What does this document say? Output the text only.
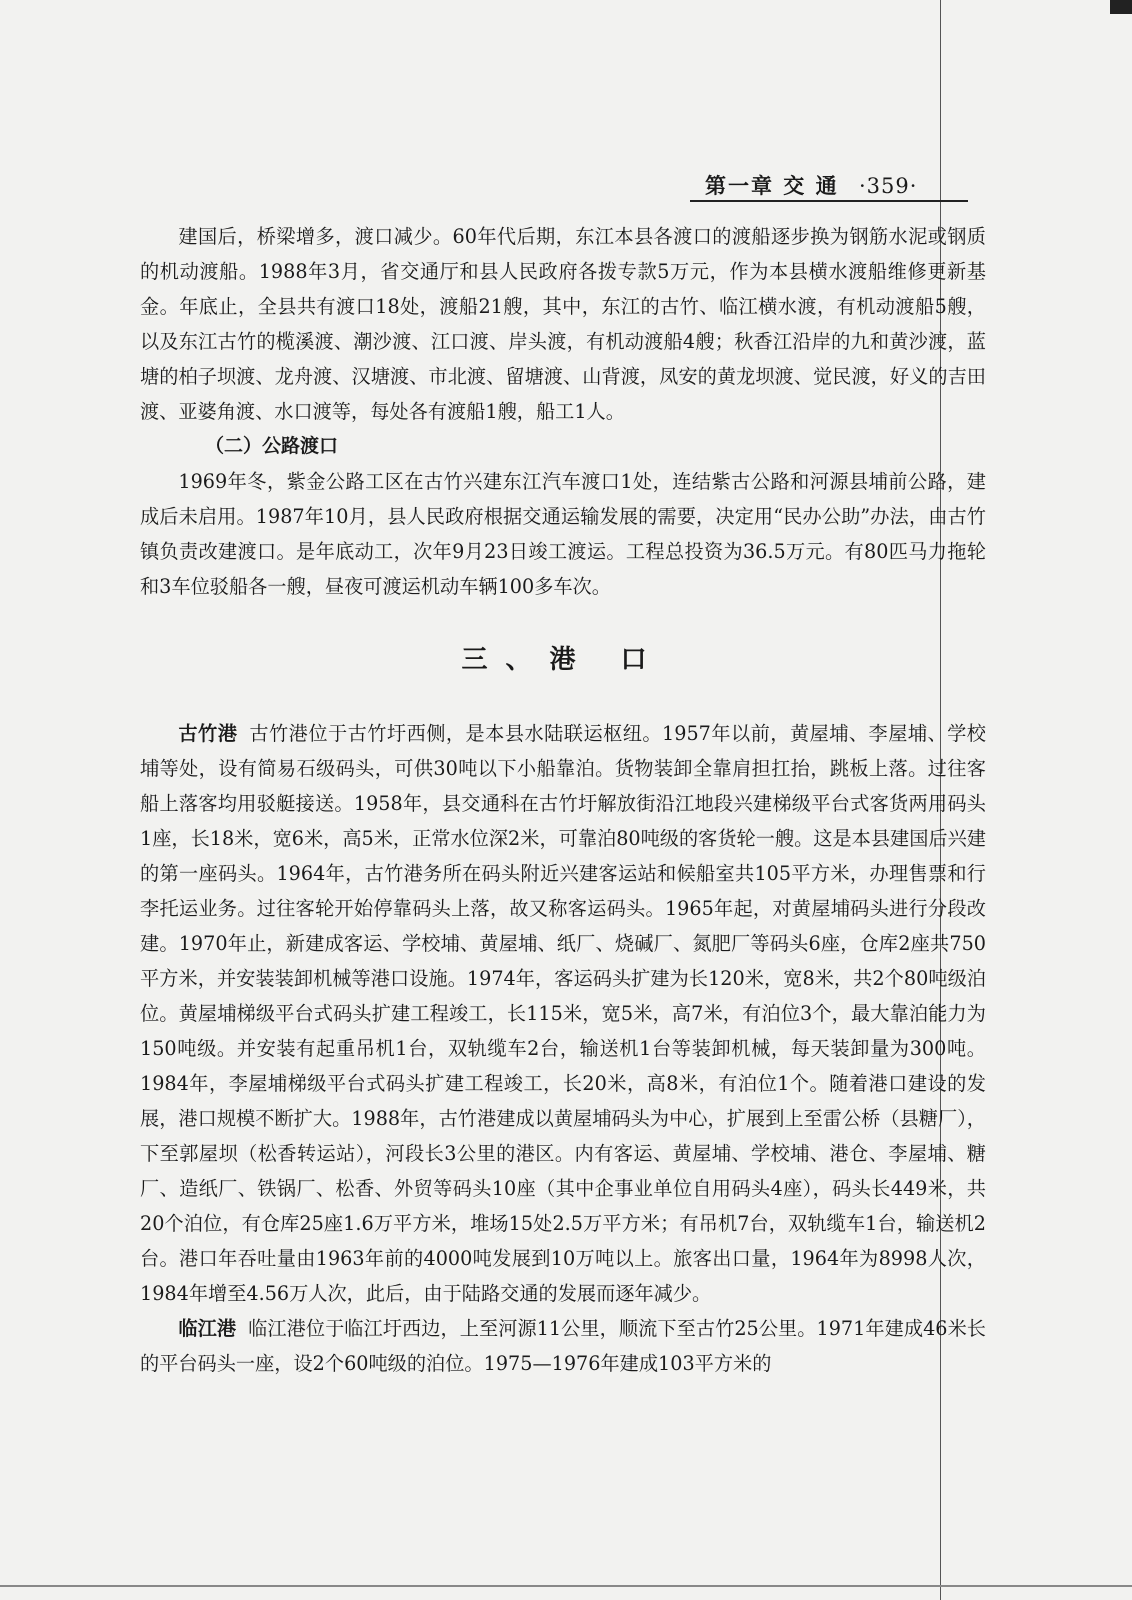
第一章 交 通 ·359·

建国后，桥梁增多，渡口减少。60年代后期，东江本县各渡口的渡船逐步换为钢筋水泥或钢质的机动渡船。1988年3月，省交通厅和县人民政府各拨专款5万元，作为本县横水渡船维修更新基金。年底止，全县共有渡口18处，渡船21艘，其中，东江的古竹、临江横水渡，有机动渡船5艘，以及东江古竹的榄溪渡、潮沙渡、江口渡、岸头渡，有机动渡船4艘；秋香江沿岸的九和黄沙渡，蓝塘的柏子坝渡、龙舟渡、汉塘渡、市北渡、留塘渡、山背渡，凤安的黄龙坝渡、觉民渡，好义的吉田渡、亚婆角渡、水口渡等，每处各有渡船1艘，船工1人。

（二）公路渡口

1969年冬，紫金公路工区在古竹兴建东江汽车渡口1处，连结紫古公路和河源县埔前公路，建成后未启用。1987年10月，县人民政府根据交通运输发展的需要，决定用“民办公助”办法，由古竹镇负责改建渡口。是年底动工，次年9月23日竣工渡运。工程总投资为36.5万元。有80匹马力拖轮和3车位驳船各一艘，昼夜可渡运机动车辆100多车次。

三、港 口

古竹港 古竹港位于古竹圩西侧，是本县水陆联运枢纽。1957年以前，黄屋埔、李屋埔、学校埔等处，设有简易石级码头，可供30吨以下小船靠泊。货物装卸全靠肩担扛抬，跳板上落。过往客船上落客均用驳艇接送。1958年，县交通科在古竹圩解放街沿江地段兴建梯级平台式客货两用码头1座，长18米，宽6米，高5米，正常水位深2米，可靠泊80吨级的客货轮一艘。这是本县建国后兴建的第一座码头。1964年，古竹港务所在码头附近兴建客运站和候船室共105平方米，办理售票和行李托运业务。过往客轮开始停靠码头上落，故又称客运码头。1965年起，对黄屋埔码头进行分段改建。1970年止，新建成客运、学校埔、黄屋埔、纸厂、烧碱厂、氮肥厂等码头6座，仓库2座共750平方米，并安装装卸机械等港口设施。1974年，客运码头扩建为长120米，宽8米，共2个80吨级泊位。黄屋埔梯级平台式码头扩建工程竣工，长115米，宽5米，高7米，有泊位3个，最大靠泊能力为150吨级。并安装有起重吊机1台，双轨缆车2台，输送机1台等装卸机械，每天装卸量为300吨。1984年，李屋埔梯级平台式码头扩建工程竣工，长20米，高8米，有泊位1个。随着港口建设的发展，港口规模不断扩大。1988年，古竹港建成以黄屋埔码头为中心，扩展到上至雷公桥（县糖厂），下至郭屋坝（松香转运站），河段长3公里的港区。内有客运、黄屋埔、学校埔、港仓、李屋埔、糖厂、造纸厂、铁锅厂、松香、外贸等码头10座（其中企事业单位自用码头4座），码头长449米，共20个泊位，有仓库25座1.6万平方米，堆场15处2.5万平方米；有吊机7台，双轨缆车1台，输送机2台。港口年吞吐量由1963年前的4000吨发展到10万吨以上。旅客出口量，1964年为8998人次，1984年增至4.56万人次，此后，由于陆路交通的发展而逐年减少。

临江港 临江港位于临江圩西边，上至河源11公里，顺流下至古竹25公里。1971年建成46米长的平台码头一座，设2个60吨级的泊位。1975—1976年建成103平方米的
